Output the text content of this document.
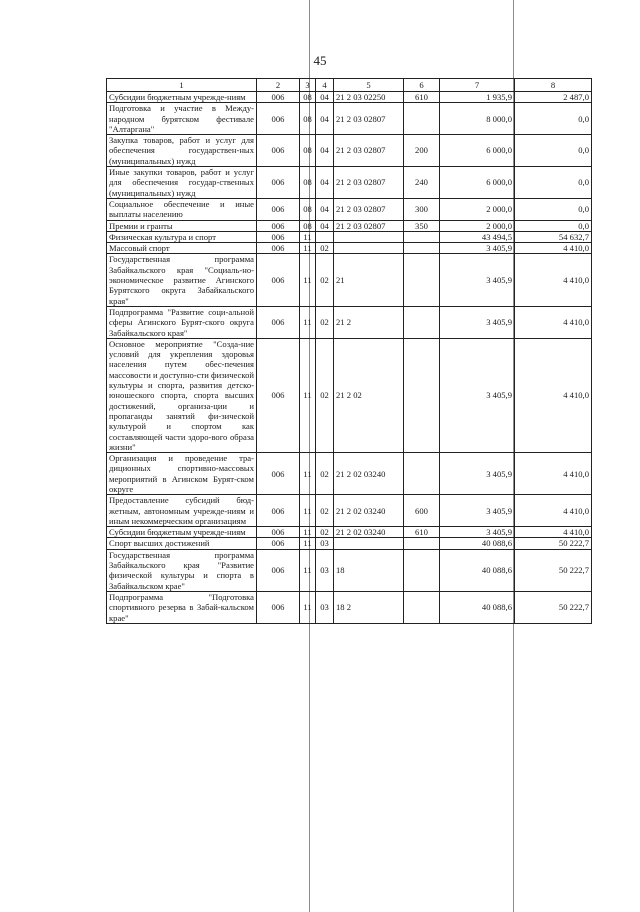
45
1	2	3	4	5	6	7	8
Субсидии бюджетным учрежде-ниям	006	08	04	21 2 03 02250	610	1 935,9	2 487,0
Подготовка и участие в Между-народном бурятском фестивале "Алтаргана"	006	08	04	21 2 03 02807		8 000,0	0,0
Закупка товаров, работ и услуг для обеспечения государствен-ных (муниципальных) нужд	006	08	04	21 2 03 02807	200	6 000,0	0,0
Иные закупки товаров, работ и услуг для обеспечения государ-ственных (муниципальных) нужд	006	08	04	21 2 03 02807	240	6 000,0	0,0
Социальное обеспечение и иные выплаты населению	006	08	04	21 2 03 02807	300	2 000,0	0,0
Премии и гранты	006	08	04	21 2 03 02807	350	2 000,0	0,0
Физическая культура и спорт	006	11				43 494,5	54 632,7
Массовый спорт	006	11	02			3 405,9	4 410,0
Государственная программа Забайкальского края "Социаль-но-экономическое развитие Агинского Бурятского округа Забайкальского края"	006	11	02	21		3 405,9	4 410,0
Подпрограмма "Развитие соци-альной сферы Агинского Бурят-ского округа Забайкальского края"	006	11	02	21 2		3 405,9	4 410,0
Основное мероприятие "Созда-ние условий для укрепления здоровья населения путем обес-печения массовости и доступно-сти физической культуры и спорта, развития детско-юношеского спорта, спорта высших достижений, организа-ции и пропаганды занятий фи-зической культурой и спортом как составляющей части здоро-вого образа жизни"	006	11	02	21 2 02		3 405,9	4 410,0
Организация и проведение тра-диционных спортивно-массовых мероприятий в Агинском Бурят-ском округе	006	11	02	21 2 02 03240		3 405,9	4 410,0
Предоставление субсидий бюд-жетным, автономным учрежде-ниям и иным некоммерческим организациям	006	11	02	21 2 02 03240	600	3 405,9	4 410,0
Субсидии бюджетным учрежде-ниям	006	11	02	21 2 02 03240	610	3 405,9	4 410,0
Спорт высших достижений	006	11	03			40 088,6	50 222,7
Государственная программа Забайкальского края "Развитие физической культуры и спорта в Забайкальском крае"	006	11	03	18		40 088,6	50 222,7
Подпрограмма "Подготовка спортивного резерва в Забай-кальском крае"	006	11	03	18 2		40 088,6	50 222,7
